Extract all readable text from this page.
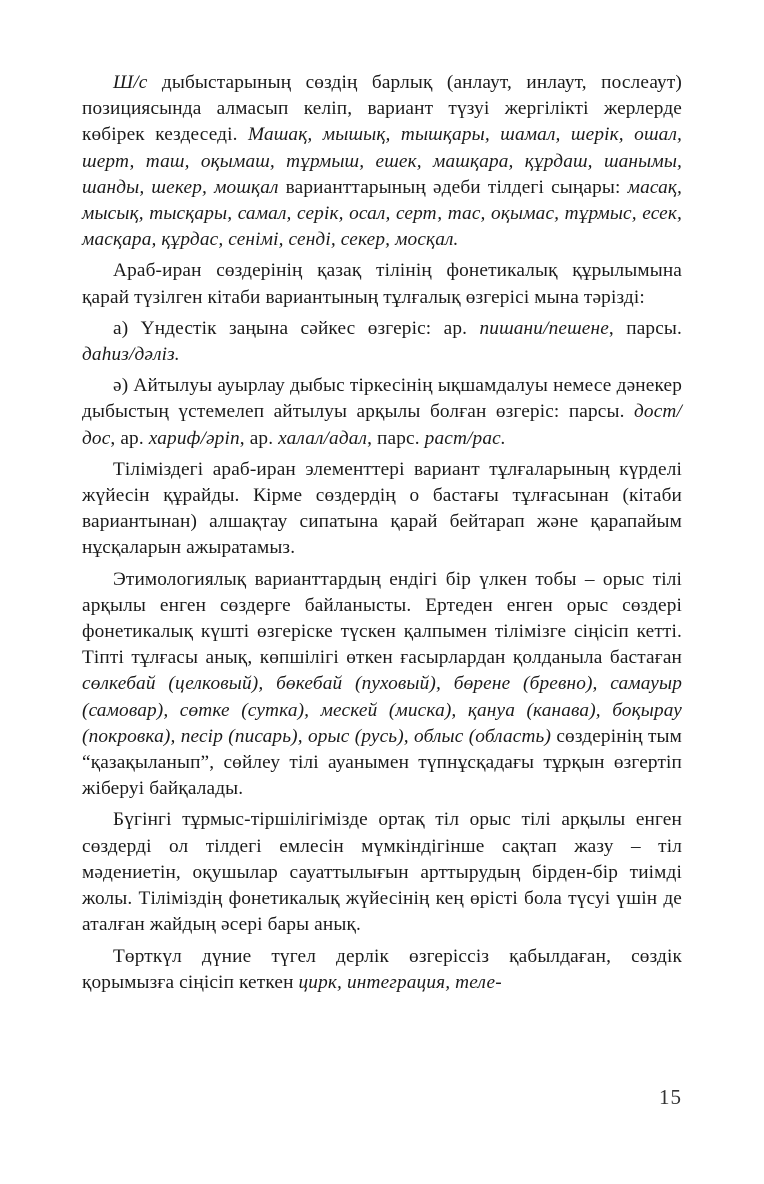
Ш/с дыбыстарының сөздің барлық (анлаут, инлаут, послеаут) позициясында алмасып келіп, вариант түзуі жергілікті жерлерде көбірек кездеседі. Машақ, мышық, тышқары, шамал, шерік, ошал, шерт, таш, оқымаш, тұрмыш, ешек, машқара, құрдаш, шанымы, шанды, шекер, мошқал варианттарының әдеби тілдегі сыңары: масақ, мысық, тысқары, самал, серік, осал, серт, тас, оқымас, тұрмыс, есек, масқара, құрдас, сенімі, сенді, секер, мосқал.

Араб-иран сөздерінің қазақ тілінің фонетикалық құрылымына қарай түзілген кітаби вариантының тұлғалық өзгерісі мына тәрізді:

а) Үндестік заңына сәйкес өзгеріс: ар. пишани/пешене, парсы. даһиз/дәліз.

ә) Айтылуы ауырлау дыбыс тіркесінің ықшамдалуы немесе дәнекер дыбыстың үстемелеп айтылуы арқылы болған өзгеріс: парсы. дост/дос, ар. хариф/әріп, ар. халал/адал, парс. раст/рас.

Тіліміздегі араб-иран элементтері вариант тұлғаларының күрделі жүйесін құрайды. Кірме сөздердің о бастағы тұлғасынан (кітаби вариантынан) алшақтау сипатына қарай бейтарап және қарапайым нұсқаларын ажыратамыз.

Этимологиялық варианттардың ендігі бір үлкен тобы – орыс тілі арқылы енген сөздерге байланысты. Ертеден енген орыс сөздері фонетикалық күшті өзгеріске түскен қалпымен тілімізге сіңісіп кетті. Тіпті тұлғасы анық, көпшілігі өткен ғасырлардан қолданыла бастаған сөлкебай (целковый), бөкебай (пуховый), бөрене (бревно), самауыр (самовар), сөтке (сутка), мескей (миска), қануа (канава), боқырау (покровка), песір (писарь), орыс (русь), облыс (область) сөздерінің тым “қазақыланып”, сөйлеу тілі ауанымен түпнұсқадағы тұрқын өзгертіп жіберуі байқалады.

Бүгінгі тұрмыс-тіршілігімізде ортақ тіл орыс тілі арқылы енген сөздерді ол тілдегі емлесін мүмкіндігінше сақтап жазу – тіл мәдениетін, оқушылар сауаттылығын арттырудың бірден-бір тиімді жолы. Тіліміздің фонетикалық жүйесінің кең өрісті бола түсуі үшін де аталған жайдың әсері бары анық.

Төрткүл дүние түгел дерлік өзгеріссіз қабылдаған, сөздік қорымызға сіңісіп кеткен цирк, интеграция, теле-

15
